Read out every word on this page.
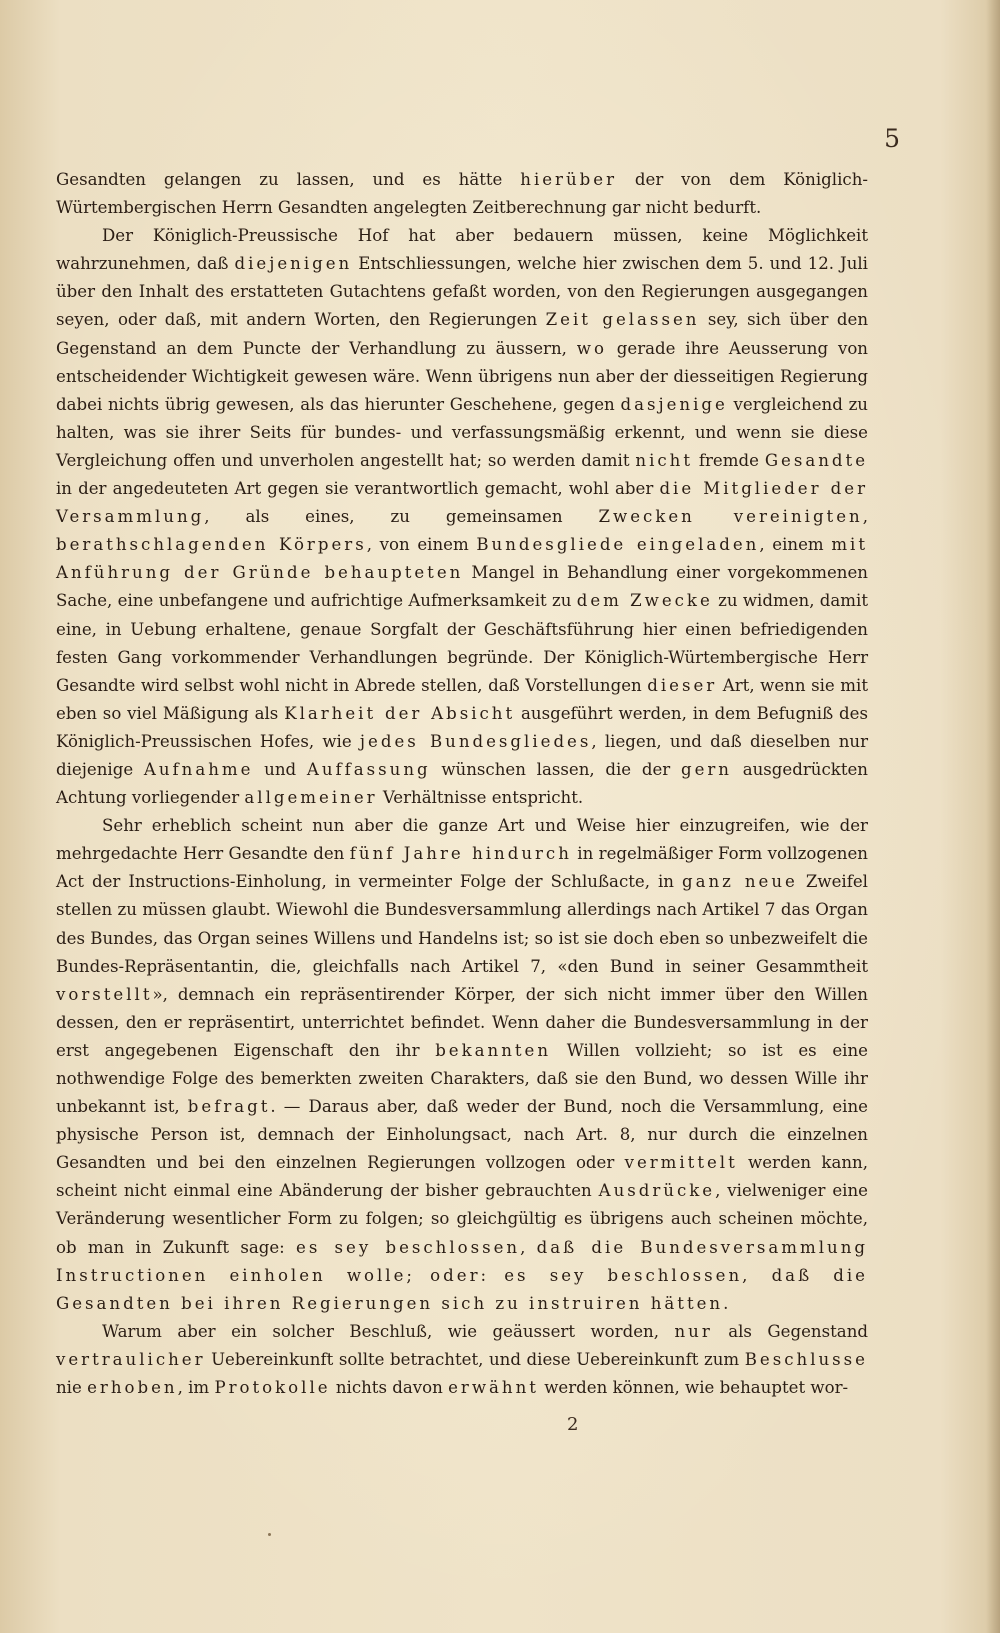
5

Gesandten gelangen zu lassen, und es hätte hierüber der von dem Königlich-Würtembergischen Herrn Gesandten angelegten Zeitberechnung gar nicht bedurft.

Der Königlich-Preussische Hof hat aber bedauern müssen, keine Möglichkeit wahrzunehmen, daß diejenigen Entschliessungen, welche hier zwischen dem 5. und 12. Juli über den Inhalt des erstatteten Gutachtens gefaßt worden, von den Regierungen ausgegangen seyen, oder daß, mit andern Worten, den Regierungen Zeit gelassen sey, sich über den Gegenstand an dem Puncte der Verhandlung zu äussern, wo gerade ihre Aeusserung von entscheidender Wichtigkeit gewesen wäre. Wenn übrigens nun aber der diesseitigen Regierung dabei nichts übrig gewesen, als das hierunter Geschehene, gegen dasjenige vergleichend zu halten, was sie ihrer Seits für bundes- und verfassungsmäßig erkennt, und wenn sie diese Vergleichung offen und unverholen angestellt hat; so werden damit nicht fremde Gesandte in der angedeuteten Art gegen sie verantwortlich gemacht, wohl aber die Mitglieder der Versammlung, als eines, zu gemeinsamen Zwecken vereinigten, berathschlagenden Körpers, von einem Bundesgliede eingeladen, einem mit Anführung der Gründe behaupteten Mangel in Behandlung einer vorgekommenen Sache, eine unbefangene und aufrichtige Aufmerksamkeit zu dem Zwecke zu widmen, damit eine, in Uebung erhaltene, genaue Sorgfalt der Geschäftsführung hier einen befriedigenden festen Gang vorkommender Verhandlungen begründe. Der Königlich-Würtembergische Herr Gesandte wird selbst wohl nicht in Abrede stellen, daß Vorstellungen dieser Art, wenn sie mit eben so viel Mäßigung als Klarheit der Absicht ausgeführt werden, in dem Befugniß des Königlich-Preussischen Hofes, wie jedes Bundesgliedes, liegen, und daß dieselben nur diejenige Aufnahme und Auffassung wünschen lassen, die der gern ausgedrückten Achtung vorliegender allgemeiner Verhältnisse entspricht.

Sehr erheblich scheint nun aber die ganze Art und Weise hier einzugreifen, wie der mehrgedachte Herr Gesandte den fünf Jahre hindurch in regelmäßiger Form vollzogenen Act der Instructions-Einholung, in vermeinter Folge der Schlußacte, in ganz neue Zweifel stellen zu müssen glaubt. Wiewohl die Bundesversammlung allerdings nach Artikel 7 das Organ des Bundes, das Organ seines Willens und Handelns ist; so ist sie doch eben so unbezweifelt die Bundes-Repräsentantin, die, gleichfalls nach Artikel 7, «den Bund in seiner Gesammtheit vorstellt», demnach ein repräsentirender Körper, der sich nicht immer über den Willen dessen, den er repräsentirt, unterrichtet befindet. Wenn daher die Bundesversammlung in der erst angegebenen Eigenschaft den ihr bekannten Willen vollzieht; so ist es eine nothwendige Folge des bemerkten zweiten Charakters, daß sie den Bund, wo dessen Wille ihr unbekannt ist, befragt. — Daraus aber, daß weder der Bund, noch die Versammlung, eine physische Person ist, demnach der Einholungsact, nach Art. 8, nur durch die einzelnen Gesandten und bei den einzelnen Regierungen vollzogen oder vermittelt werden kann, scheint nicht einmal eine Abänderung der bisher gebrauchten Ausdrücke, vielweniger eine Veränderung wesentlicher Form zu folgen; so gleichgültig es übrigens auch scheinen möchte, ob man in Zukunft sage: es sey beschlossen, daß die Bundesversammlung Instructionen einholen wolle; oder: es sey beschlossen, daß die Gesandten bei ihren Regierungen sich zu instruiren hätten.

Warum aber ein solcher Beschluß, wie geäussert worden, nur als Gegenstand vertraulicher Uebereinkunft sollte betrachtet, und diese Uebereinkunft zum Beschlusse nie erhoben, im Protokolle nichts davon erwähnt werden können, wie behauptet wor-

2
